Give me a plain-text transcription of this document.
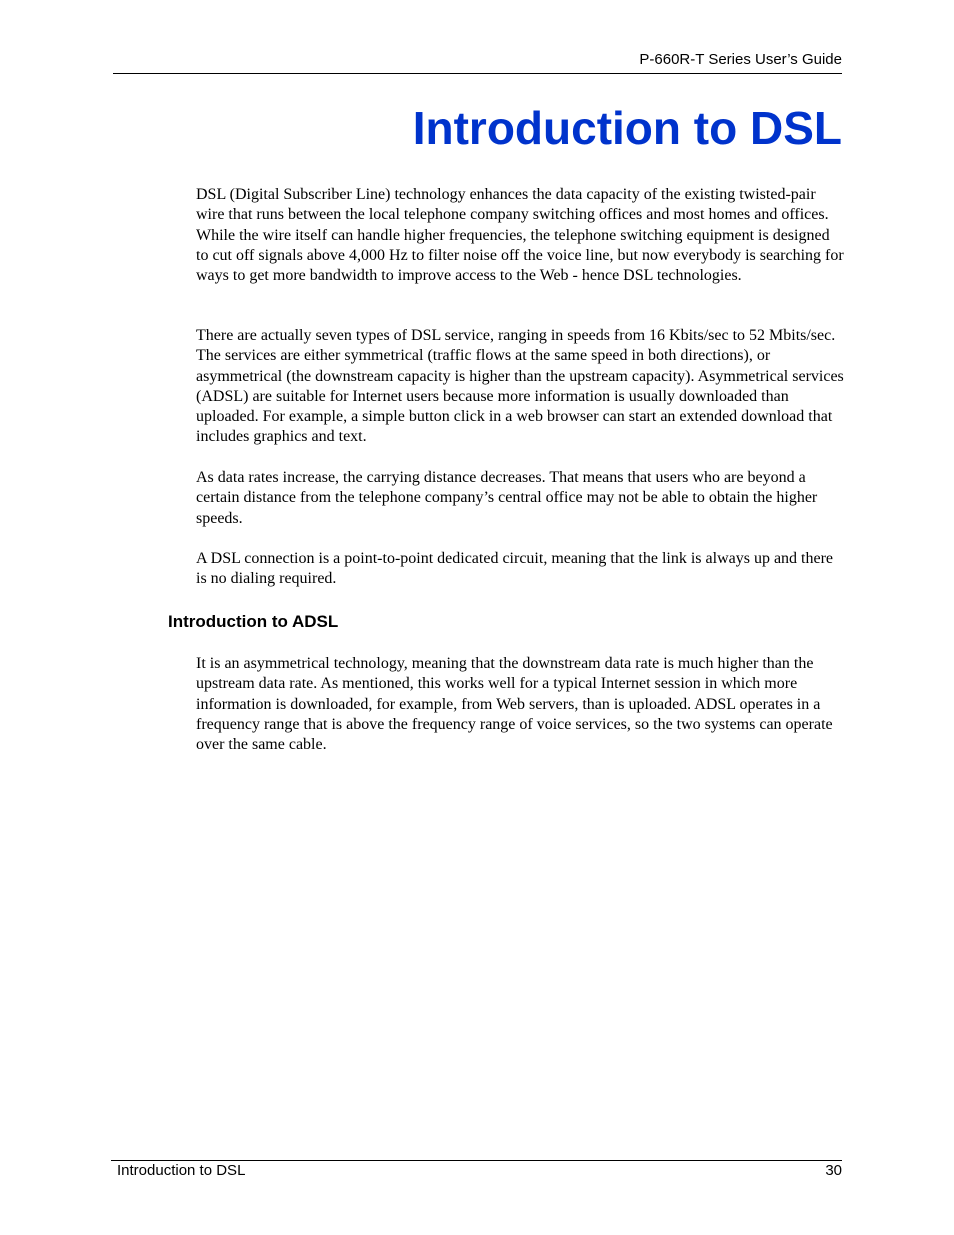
P-660R-T Series User’s Guide
Introduction to DSL

DSL (Digital Subscriber Line) technology enhances the data capacity of the existing twisted-pair wire that runs between the local telephone company switching offices and most homes and offices. While the wire itself can handle higher frequencies, the telephone switching equipment is designed to cut off signals above 4,000 Hz to filter noise off the voice line, but now everybody is searching for ways to get more bandwidth to improve access to the Web - hence DSL technologies.

There are actually seven types of DSL service, ranging in speeds from 16 Kbits/sec to 52 Mbits/sec. The services are either symmetrical (traffic flows at the same speed in both directions), or asymmetrical (the downstream capacity is higher than the upstream capacity). Asymmetrical services (ADSL) are suitable for Internet users because more information is usually downloaded than uploaded. For example, a simple button click in a web browser can start an extended download that includes graphics and text.

As data rates increase, the carrying distance decreases. That means that users who are beyond a certain distance from the telephone company’s central office may not be able to obtain the higher speeds.

A DSL connection is a point-to-point dedicated circuit, meaning that the link is always up and there is no dialing required.

Introduction to ADSL

It is an asymmetrical technology, meaning that the downstream data rate is much higher than the upstream data rate. As mentioned, this works well for a typical Internet session in which more information is downloaded, for example, from Web servers, than is uploaded. ADSL operates in a frequency range that is above the frequency range of voice services, so the two systems can operate over the same cable.

Introduction to DSL	30
